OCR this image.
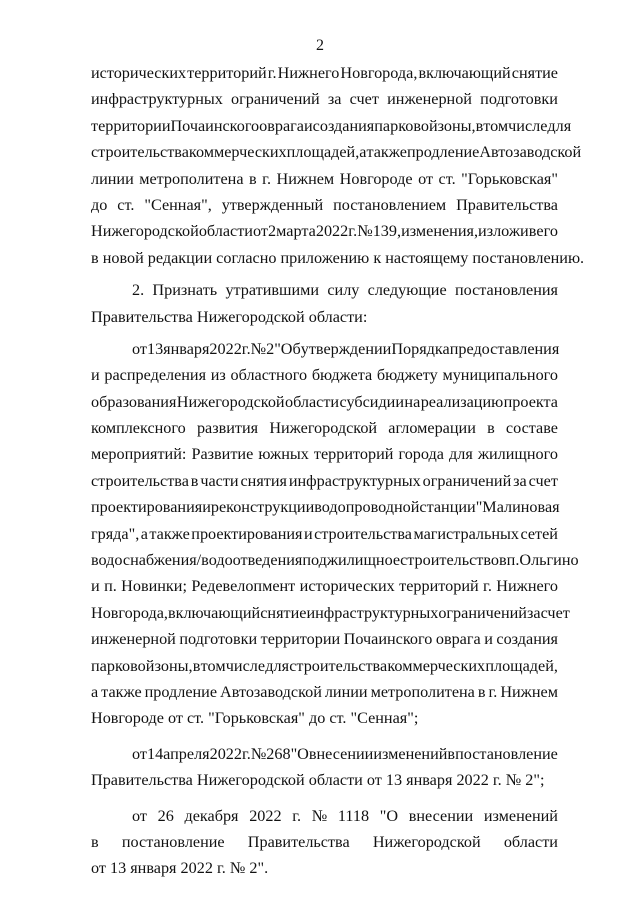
2
исторических территорий г. Нижнего Новгорода, включающий снятие
инфраструктурных ограничений за счет инженерной подготовки
территории Почаинского оврага и создания парковой зоны, в том числе для
строительства коммерческих площадей, а также продление Автозаводской
линии метрополитена в г. Нижнем Новгороде от ст. "Горьковская"
до ст. "Сенная", утвержденный постановлением Правительства
Нижегородской области от 2 марта 2022 г. № 139, изменения, изложив его
в новой редакции согласно приложению к настоящему постановлению.
2. Признать утратившими силу следующие постановления
Правительства Нижегородской области:
от 13 января 2022 г. № 2 "Об утверждении Порядка предоставления
и распределения из областного бюджета бюджету муниципального
образования Нижегородской области субсидии на реализацию проекта
комплексного развития Нижегородской агломерации в составе
мероприятий: Развитие южных территорий города для жилищного
строительства в части снятия инфраструктурных ограничений за счет
проектирования и реконструкции водопроводной станции "Малиновая
гряда", а также проектирования и строительства магистральных сетей
водоснабжения/водоотведения под жилищное строительство в п. Ольгино
и п. Новинки; Редевелопмент исторических территорий г. Нижнего
Новгорода, включающий снятие инфраструктурных ограничений за счет
инженерной подготовки территории Почаинского оврага и создания
парковой зоны, в том числе для строительства коммерческих площадей,
а также продление Автозаводской линии метрополитена в г. Нижнем
Новгороде от ст. "Горьковская" до ст. "Сенная";
от 14 апреля 2022 г. № 268 "О внесении изменений в постановление
Правительства Нижегородской области от 13 января 2022 г. № 2";
от 26 декабря 2022 г. № 1118 "О внесении изменений
в постановление Правительства Нижегородской области
от 13 января 2022 г. № 2".
